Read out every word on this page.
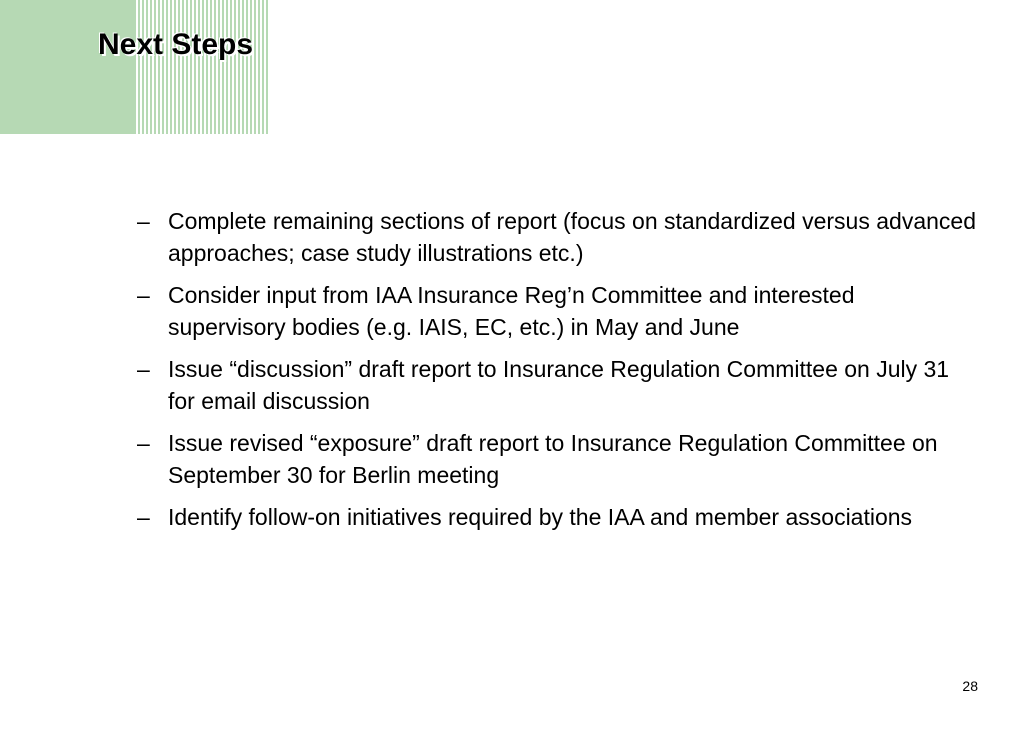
Next Steps
– Complete remaining sections of report (focus on standardized versus advanced approaches; case study illustrations etc.)
– Consider input from IAA Insurance Reg’n Committee and interested supervisory bodies (e.g. IAIS, EC, etc.) in May and June
– Issue “discussion” draft report to Insurance Regulation Committee on July 31 for email discussion
– Issue revised “exposure” draft report to Insurance Regulation Committee on September 30 for Berlin meeting
– Identify follow-on initiatives required by the IAA and member associations
28
